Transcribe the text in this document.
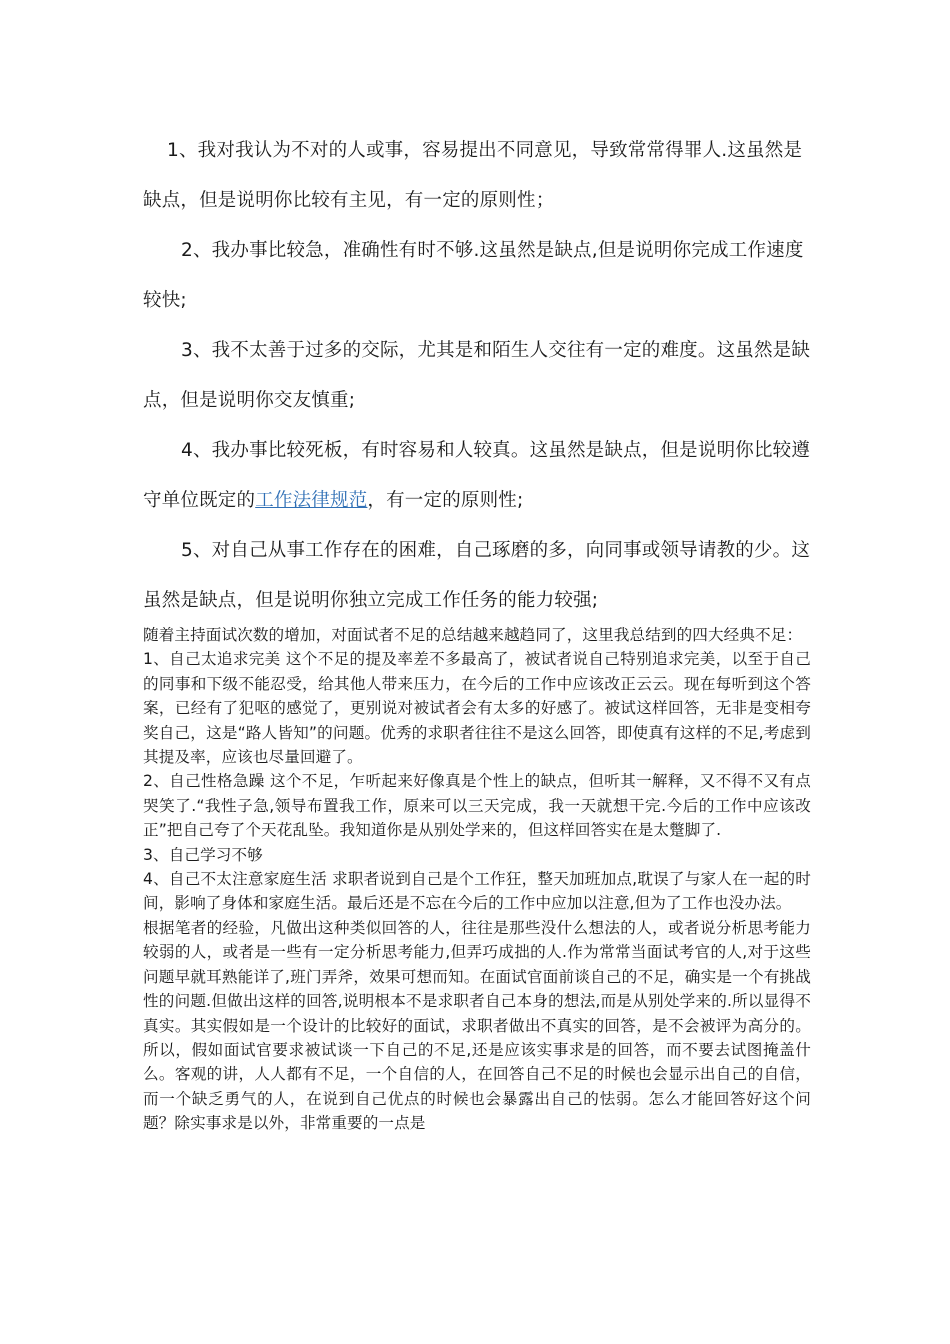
1、我对我认为不对的人或事，容易提出不同意见，导致常常得罪人.这虽然是缺点，但是说明你比较有主见，有一定的原则性；

2、我办事比较急，准确性有时不够.这虽然是缺点,但是说明你完成工作速度较快;

3、我不太善于过多的交际，尤其是和陌生人交往有一定的难度。这虽然是缺点，但是说明你交友慎重;

4、我办事比较死板，有时容易和人较真。这虽然是缺点，但是说明你比较遵守单位既定的工作法律规范，有一定的原则性;

5、对自己从事工作存在的困难，自己琢磨的多，向同事或领导请教的少。这虽然是缺点，但是说明你独立完成工作任务的能力较强;

随着主持面试次数的增加，对面试者不足的总结越来越趋同了，这里我总结到的四大经典不足：

1、自己太追求完美 这个不足的提及率差不多最高了，被试者说自己特别追求完美，以至于自己的同事和下级不能忍受，给其他人带来压力，在今后的工作中应该改正云云。现在每听到这个答案，已经有了犯呕的感觉了，更别说对被试者会有太多的好感了。被试这样回答，无非是变相夸奖自己，这是“路人皆知”的问题。优秀的求职者往往不是这么回答，即使真有这样的不足,考虑到其提及率，应该也尽量回避了。

2、自己性格急躁 这个不足，乍听起来好像真是个性上的缺点，但听其一解释，又不得不又有点哭笑了.“我性子急,领导布置我工作，原来可以三天完成，我一天就想干完.今后的工作中应该改正”把自己夸了个天花乱坠。我知道你是从别处学来的，但这样回答实在是太蹩脚了.

3、自己学习不够

4、自己不太注意家庭生活 求职者说到自己是个工作狂，整天加班加点,耽误了与家人在一起的时间，影响了身体和家庭生活。最后还是不忘在今后的工作中应加以注意,但为了工作也没办法。

根据笔者的经验，凡做出这种类似回答的人，往往是那些没什么想法的人，或者说分析思考能力较弱的人，或者是一些有一定分析思考能力,但弄巧成拙的人.作为常常当面试考官的人,对于这些问题早就耳熟能详了,班门弄斧，效果可想而知。在面试官面前谈自己的不足，确实是一个有挑战性的问题.但做出这样的回答,说明根本不是求职者自己本身的想法,而是从别处学来的.所以显得不真实。其实假如是一个设计的比较好的面试，求职者做出不真实的回答，是不会被评为高分的。 所以，假如面试官要求被试谈一下自己的不足,还是应该实事求是的回答，而不要去试图掩盖什么。客观的讲，人人都有不足，一个自信的人，在回答自己不足的时候也会显示出自己的自信，而一个缺乏勇气的人，在说到自己优点的时候也会暴露出自己的怯弱。怎么才能回答好这个问题？除实事求是以外，非常重要的一点是
